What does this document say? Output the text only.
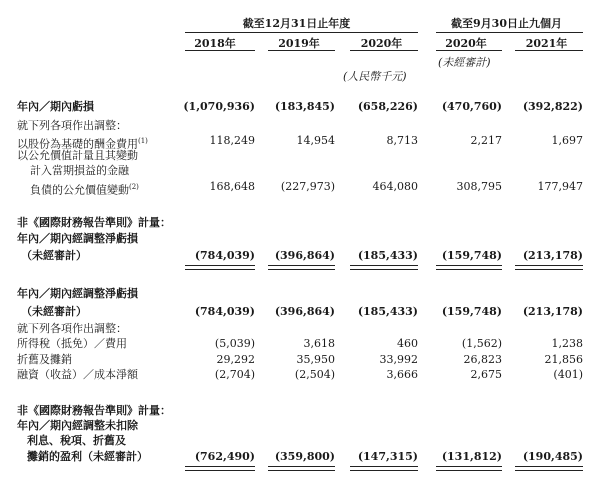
截至12月31日止年度	截至9月30日止九個月
2018年	2019年	2020年	2020年	2021年
(未經審計)
(人民幣千元)
年內／期內虧損	(1,070,936)	(183,845)	(658,226)	(470,760)	(392,822)
就下列各項作出調整：
以股份為基礎的酬金費用$^{(1)}$	118,249	14,954	8,713	2,217	1,697
以公允價值計量且其變動
計入當期損益的金融
負債的公允價值變動$^{(2)}$	168,648	(227,973)	464,080	308,795	177,947
非《國際財務報告準則》計量：
年內／期內經調整淨虧損
（未經審計）	(784,039)	(396,864)	(185,433)	(159,748)	(213,178)
年內／期內經調整淨虧損
（未經審計）	(784,039)	(396,864)	(185,433)	(159,748)	(213,178)
就下列各項作出調整：
所得稅（抵免）／費用	(5,039)	3,618	460	(1,562)	1,238
折舊及攤銷	29,292	35,950	33,992	26,823	21,856
融資（收益）／成本淨額	(2,704)	(2,504)	3,666	2,675	(401)
非《國際財務報告準則》計量：
年內／期內經調整未扣除
利息、稅項、折舊及
攤銷的盈利（未經審計）	(762,490)	(359,800)	(147,315)	(131,812)	(190,485)
